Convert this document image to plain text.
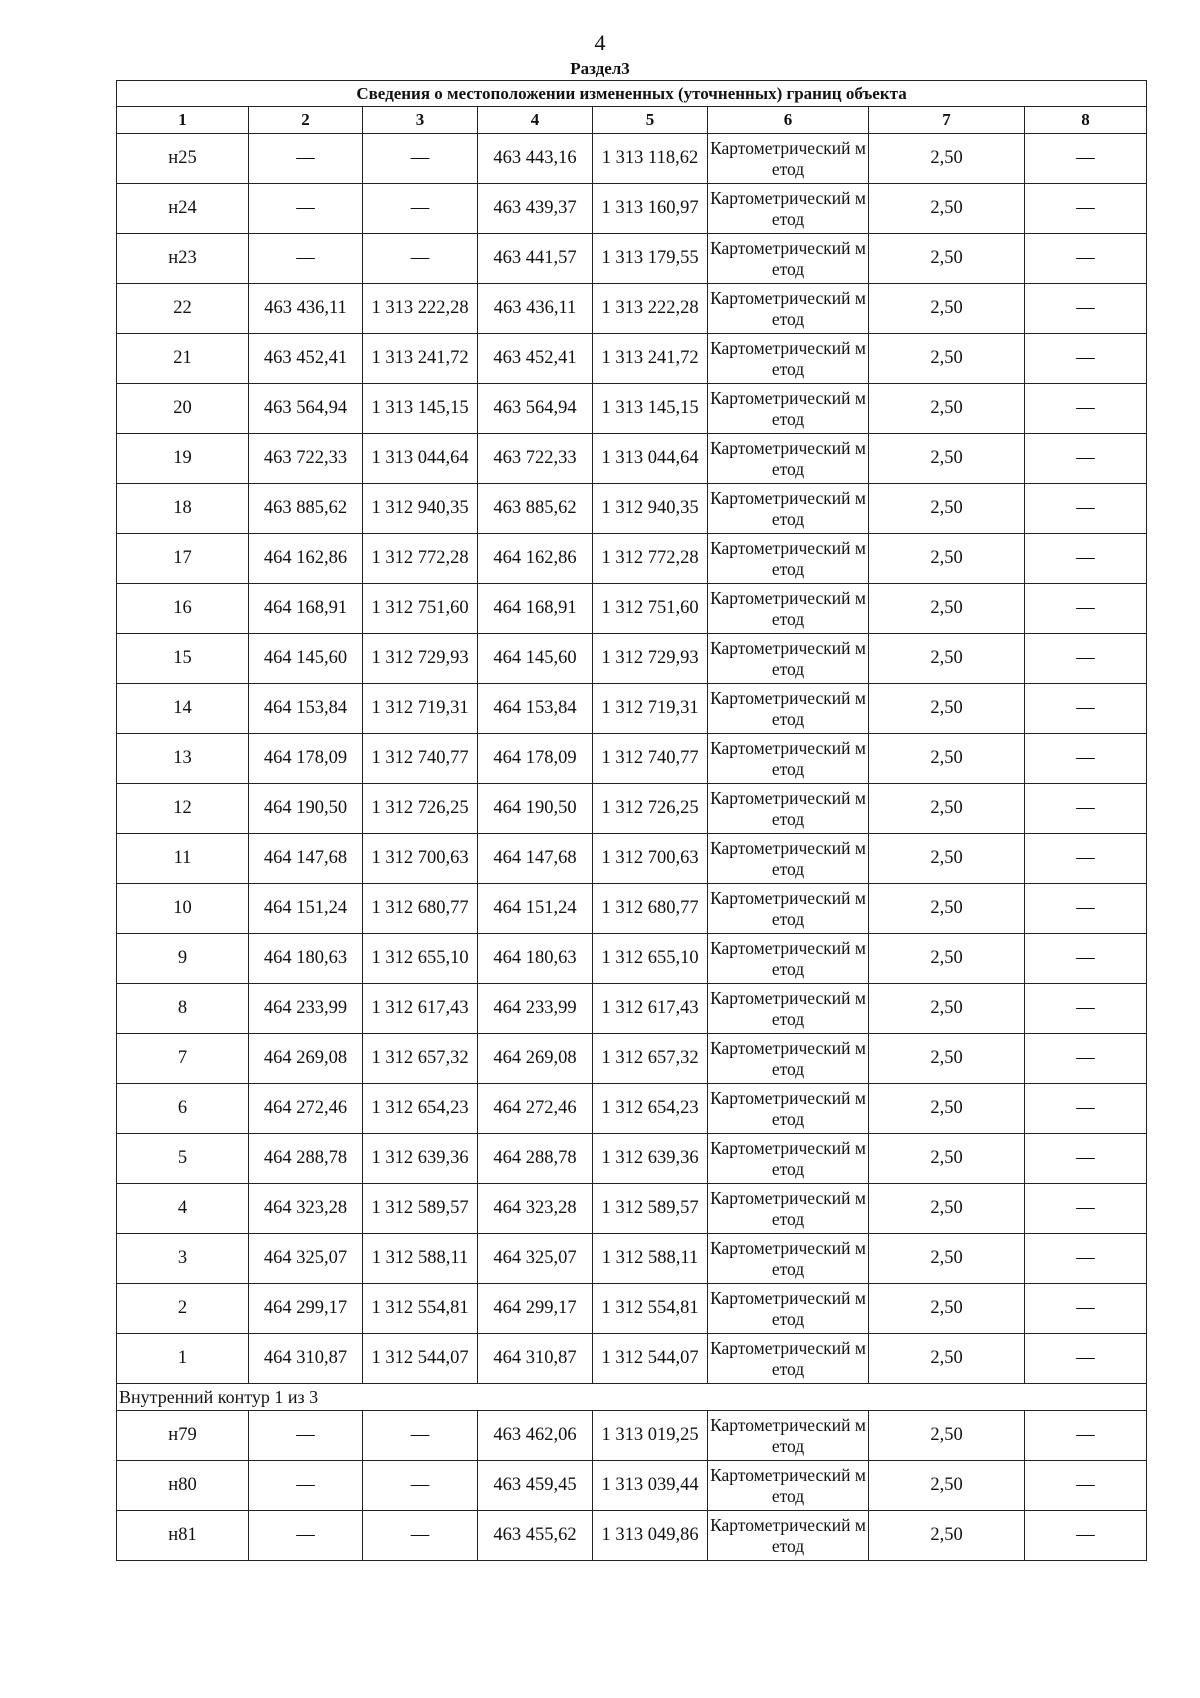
4
Раздел3
Сведения о местоположении измененных (уточненных) границ объекта							
1	2	3	4	5	6	7	8
н25	—	—	463 443,16	1 313 118,62	Картометрический метод	2,50	—
н24	—	—	463 439,37	1 313 160,97	Картометрический метод	2,50	—
н23	—	—	463 441,57	1 313 179,55	Картометрический метод	2,50	—
22	463 436,11	1 313 222,28	463 436,11	1 313 222,28	Картометрический метод	2,50	—
21	463 452,41	1 313 241,72	463 452,41	1 313 241,72	Картометрический метод	2,50	—
20	463 564,94	1 313 145,15	463 564,94	1 313 145,15	Картометрический метод	2,50	—
19	463 722,33	1 313 044,64	463 722,33	1 313 044,64	Картометрический метод	2,50	—
18	463 885,62	1 312 940,35	463 885,62	1 312 940,35	Картометрический метод	2,50	—
17	464 162,86	1 312 772,28	464 162,86	1 312 772,28	Картометрический метод	2,50	—
16	464 168,91	1 312 751,60	464 168,91	1 312 751,60	Картометрический метод	2,50	—
15	464 145,60	1 312 729,93	464 145,60	1 312 729,93	Картометрический метод	2,50	—
14	464 153,84	1 312 719,31	464 153,84	1 312 719,31	Картометрический метод	2,50	—
13	464 178,09	1 312 740,77	464 178,09	1 312 740,77	Картометрический метод	2,50	—
12	464 190,50	1 312 726,25	464 190,50	1 312 726,25	Картометрический метод	2,50	—
11	464 147,68	1 312 700,63	464 147,68	1 312 700,63	Картометрический метод	2,50	—
10	464 151,24	1 312 680,77	464 151,24	1 312 680,77	Картометрический метод	2,50	—
9	464 180,63	1 312 655,10	464 180,63	1 312 655,10	Картометрический метод	2,50	—
8	464 233,99	1 312 617,43	464 233,99	1 312 617,43	Картометрический метод	2,50	—
7	464 269,08	1 312 657,32	464 269,08	1 312 657,32	Картометрический метод	2,50	—
6	464 272,46	1 312 654,23	464 272,46	1 312 654,23	Картометрический метод	2,50	—
5	464 288,78	1 312 639,36	464 288,78	1 312 639,36	Картометрический метод	2,50	—
4	464 323,28	1 312 589,57	464 323,28	1 312 589,57	Картометрический метод	2,50	—
3	464 325,07	1 312 588,11	464 325,07	1 312 588,11	Картометрический метод	2,50	—
2	464 299,17	1 312 554,81	464 299,17	1 312 554,81	Картометрический метод	2,50	—
1	464 310,87	1 312 544,07	464 310,87	1 312 544,07	Картометрический метод	2,50	—
Внутренний контур 1 из 3							
н79	—	—	463 462,06	1 313 019,25	Картометрический метод	2,50	—
н80	—	—	463 459,45	1 313 039,44	Картометрический метод	2,50	—
н81	—	—	463 455,62	1 313 049,86	Картометрический метод	2,50	—
